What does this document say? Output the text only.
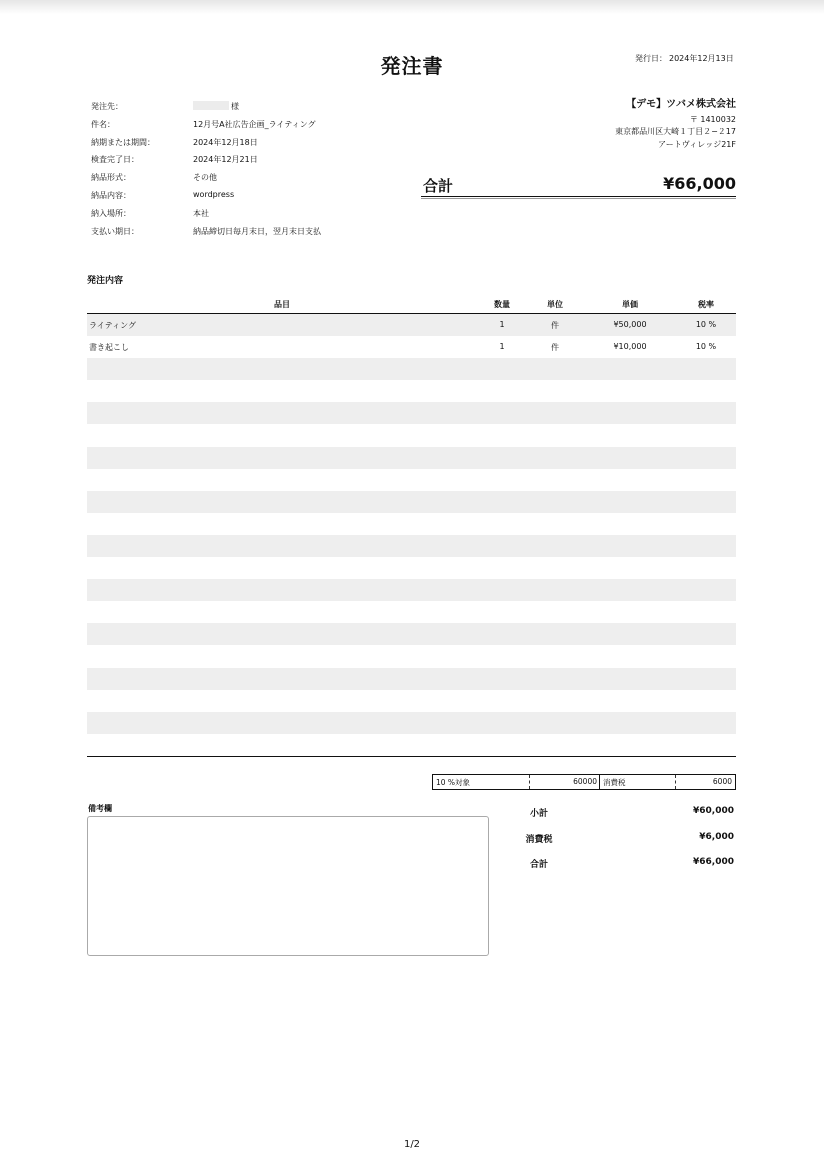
発注書	発行日： 2024年12月13日
発注先：	様
件名：	12月号A社広告企画_ライティング
納期または期間：	2024年12月18日
検査完了日：	2024年12月21日
納品形式：	その他
納品内容：	wordpress
納入場所：	本社
支払い期日：	納品締切日毎月末日，翌月末日支払
【デモ】ツバメ株式会社
〒 1410032
東京都品川区大崎１丁目２−２17
アートヴィレッジ21F
合計	¥66,000
発注内容
品目	数量	単位	単価	税率
ライティング	1	件	¥50,000	10 %
書き起こし	1	件	¥10,000	10 %
10 %対象	60000 消費税	6000
備考欄
小計	¥60,000
消費税	¥6,000
合計	¥66,000
1/2
